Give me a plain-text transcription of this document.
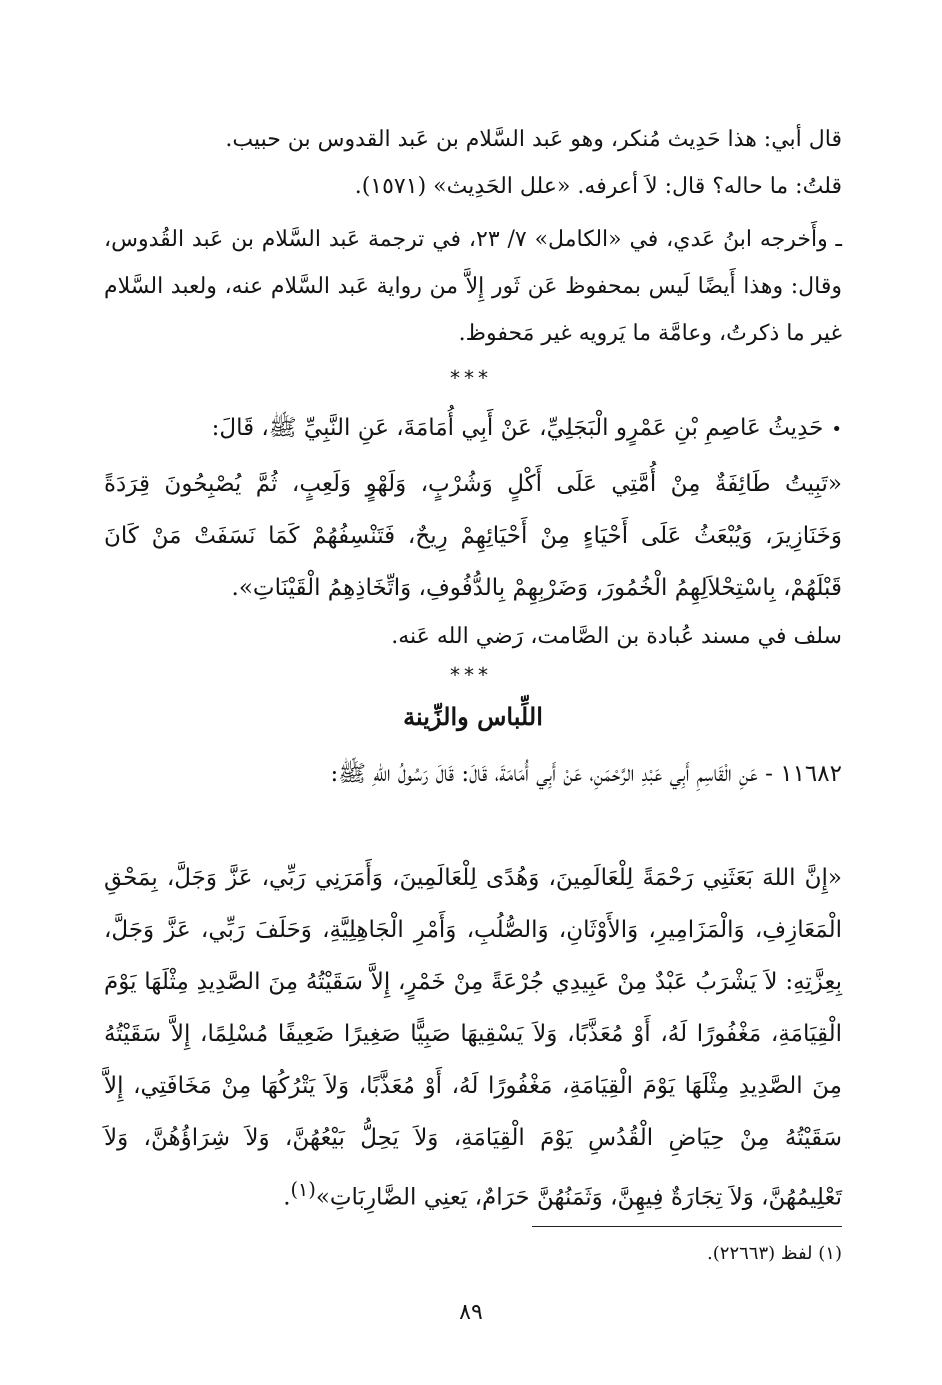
قال أبي: هذا حَدِيث مُنكر، وهو عَبد السَّلام بن عَبد القدوس بن حبيب.

قلتُ: ما حاله؟ قال: لاَ أعرفه. «علل الحَدِيث» (١٥٧١).

ـ وأَخرجه ابنُ عَدي، في «الكامل» ٧/ ٢٣، في ترجمة عَبد السَّلام بن عَبد القُدوس، وقال: وهذا أَيضًا لَيس بمحفوظ عَن ثَور إِلاَّ من رواية عَبد السَّلام عنه، ولعبد السَّلام غير ما ذكرتُ، وعامَّة ما يَرويه غير مَحفوظ.

***

•حَدِيثُ عَاصِمِ بْنِ عَمْرٍو الْبَجَلِيِّ، عَنْ أَبِي أُمَامَةَ، عَنِ النَّبِيِّ ﷺ، قَالَ:

«تَبِيتُ طَائِفَةٌ مِنْ أُمَّتِي عَلَى أَكْلٍ وَشُرْبٍ، وَلَهْوٍ وَلَعِبٍ، ثُمَّ يُصْبِحُونَ قِرَدَةً وَخَنَازِيرَ، وَيُبْعَثُ عَلَى أَحْيَاءٍ مِنْ أَحْيَائِهِمْ رِيحٌ، فَتَنْسِفُهُمْ كَمَا نَسَفَتْ مَنْ كَانَ قَبْلَهُمْ، بِاسْتِحْلاَلِهِمُ الْخُمُورَ، وَضَرْبِهِمْ بِالدُّفُوفِ، وَاتِّخَاذِهِمُ الْقَيْنَاتِ».

سلف في مسند عُبادة بن الصَّامت، رَضي الله عَنه.

***
اللِّباس والزِّينة

١١٦٨٢ - عَنِ الْقَاسِمِ أَبِي عَبْدِ الرَّحْمَنِ، عَنْ أَبِي أُمَامَةَ، قَالَ: قَالَ رَسُولُ اللهِ ﷺ:

«إِنَّ اللهَ بَعَثَنِي رَحْمَةً لِلْعَالَمِينَ، وَهُدًى لِلْعَالَمِينَ، وَأَمَرَنِي رَبِّي، عَزَّ وَجَلَّ، بِمَحْقِ الْمَعَازِفِ، وَالْمَزَامِيرِ، وَالأَوْثَانِ، وَالصُّلُبِ، وَأَمْرِ الْجَاهِلِيَّةِ، وَحَلَفَ رَبِّي، عَزَّ وَجَلَّ، بِعِزَّتِهِ: لاَ يَشْرَبُ عَبْدٌ مِنْ عَبِيدِي جُرْعَةً مِنْ خَمْرٍ، إِلاَّ سَقَيْتُهُ مِنَ الصَّدِيدِ مِثْلَهَا يَوْمَ الْقِيَامَةِ، مَغْفُورًا لَهُ، أَوْ مُعَذَّبًا، وَلاَ يَسْقِيهَا صَبِيًّا صَغِيرًا ضَعِيفًا مُسْلِمًا، إِلاَّ سَقَيْتُهُ مِنَ الصَّدِيدِ مِثْلَهَا يَوْمَ الْقِيَامَةِ، مَغْفُورًا لَهُ، أَوْ مُعَذَّبًا، وَلاَ يَتْرُكُهَا مِنْ مَخَافَتِي، إِلاَّ سَقَيْتُهُ مِنْ حِيَاضِ الْقُدُسِ يَوْمَ الْقِيَامَةِ، وَلاَ يَحِلُّ بَيْعُهُنَّ، وَلاَ شِرَاؤُهُنَّ، وَلاَ تَعْلِيمُهُنَّ، وَلاَ تِجَارَةٌ فِيهِنَّ، وَثَمَنُهُنَّ حَرَامٌ، يَعنِي الضَّارِبَاتِ»$^{(١)}$.

(١) لفظ (٢٢٦٦٣).

٨٩
